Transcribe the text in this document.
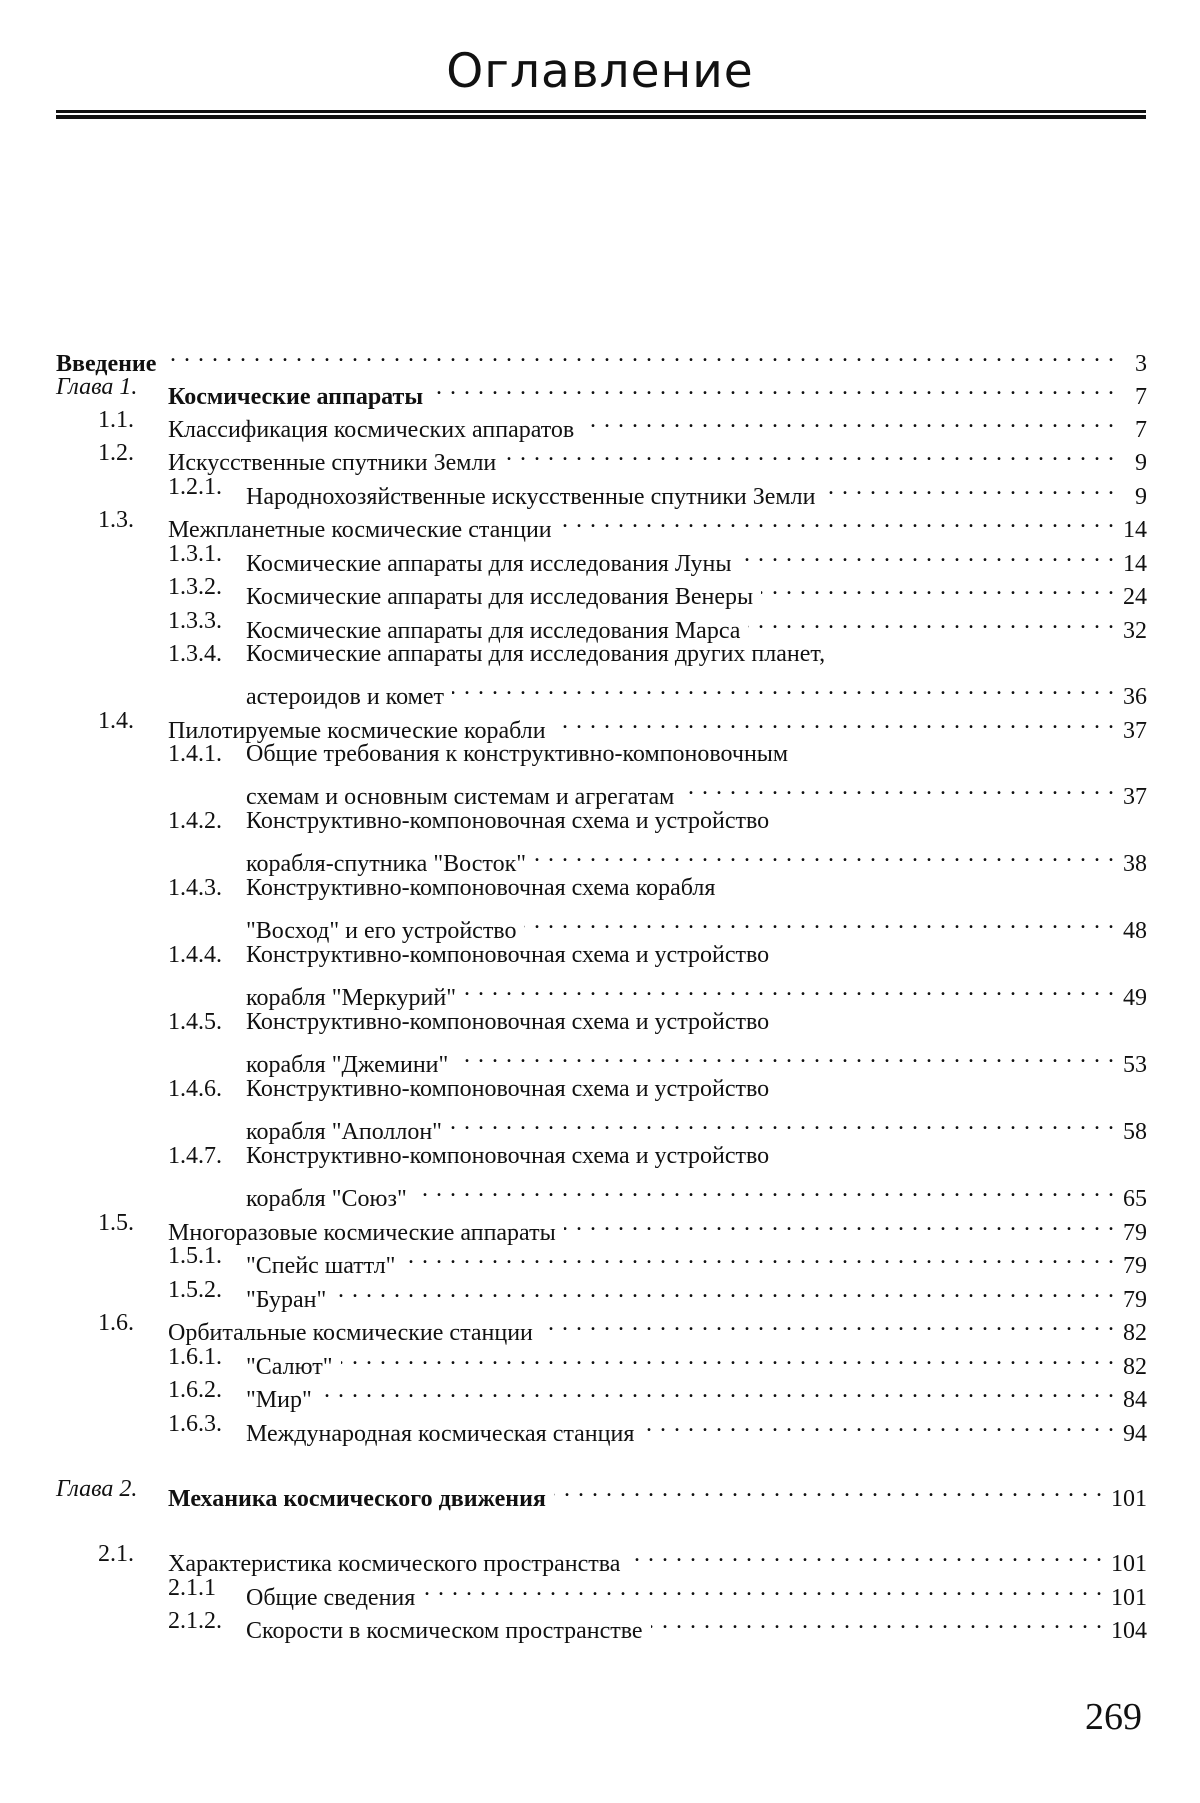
Оглавление
Введение . . .	3
Глава 1. Космические аппараты . . .	7
1.1. Классификация космических аппаратов . . .	7
1.2. Искусственные спутники Земли . . .	9
1.2.1. Народнохозяйственные искусственные спутники Земли . . .	9
1.3. Межпланетные космические станции . . .	14
1.3.1. Космические аппараты для исследования Луны . . .	14
1.3.2. Космические аппараты для исследования Венеры . . .	24
1.3.3. Космические аппараты для исследования Марса . . .	32
1.3.4. Космические аппараты для исследования других планет,
астероидов и комет . . .	36
1.4. Пилотируемые космические корабли . . .	37
1.4.1. Общие требования к конструктивно-компоновочным
схемам и основным системам и агрегатам . . .	37
1.4.2. Конструктивно-компоновочная схема и устройство
корабля-спутника "Восток" . . .	38
1.4.3. Конструктивно-компоновочная схема корабля
"Восход" и его устройство . . .	48
1.4.4. Конструктивно-компоновочная схема и устройство
корабля "Меркурий" . . .	49
1.4.5. Конструктивно-компоновочная схема и устройство
корабля "Джемини" . . .	53
1.4.6. Конструктивно-компоновочная схема и устройство
корабля "Аполлон" . . .	58
1.4.7. Конструктивно-компоновочная схема и устройство
корабля "Союз" . . .	65
1.5. Многоразовые космические аппараты . . .	79
1.5.1. "Спейс шаттл" . . .	79
1.5.2. "Буран" . . .	79
1.6. Орбитальные космические станции . . .	82
1.6.1. "Салют" . . .	82
1.6.2. "Мир" . . .	84
1.6.3. Международная космическая станция . . .	94
Глава 2. Механика космического движения . . .	101
2.1. Характеристика космического пространства . . .	101
2.1.1 Общие сведения . . .	101
2.1.2. Скорости в космическом пространстве . . .	104
269
